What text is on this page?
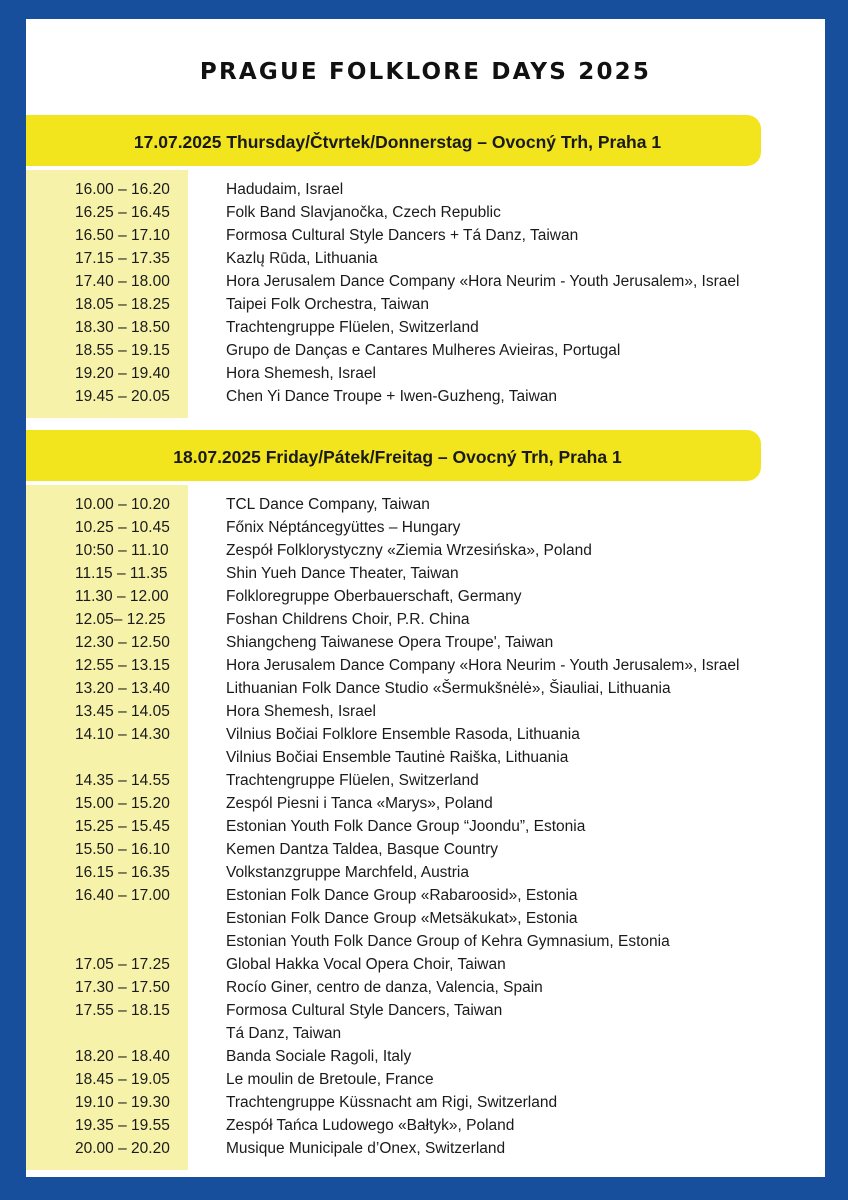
PRAGUE FOLKLORE DAYS 2025
17.07.2025 Thursday/Čtvrtek/Donnerstag – Ovocný Trh, Praha 1
16.00 – 16.20	Hadudaim, Israel
16.25 – 16.45	Folk Band Slavjanočka, Czech Republic
16.50 – 17.10	Formosa Cultural Style Dancers + Tá Danz, Taiwan
17.15 – 17.35	Kazlų Rūda, Lithuania
17.40 – 18.00	Hora Jerusalem Dance Company «Hora Neurim - Youth Jerusalem», Israel
18.05 – 18.25	Taipei Folk Orchestra, Taiwan
18.30 – 18.50	Trachtengruppe Flüelen, Switzerland
18.55 – 19.15	Grupo de Danças e Cantares Mulheres Avieiras, Portugal
19.20 – 19.40	Hora Shemesh, Israel
19.45 – 20.05	Chen Yi Dance Troupe + Iwen-Guzheng, Taiwan
18.07.2025 Friday/Pátek/Freitag – Ovocný Trh, Praha 1
10.00 – 10.20	TCL Dance Company, Taiwan
10.25 – 10.45	Főnix Néptáncegyüttes – Hungary
10:50 – 11.10	Zespół Folklorystyczny «Ziemia Wrzesińska», Poland
11.15 – 11.35	Shin Yueh Dance Theater, Taiwan
11.30 – 12.00	Folkloregruppe Oberbauerschaft, Germany
12.05– 12.25	Foshan Childrens Choir, P.R. China
12.30 – 12.50	Shiangcheng Taiwanese Opera Troupe', Taiwan
12.55 – 13.15	Hora Jerusalem Dance Company «Hora Neurim - Youth Jerusalem», Israel
13.20 – 13.40	Lithuanian Folk Dance Studio «Šermukšnėlė», Šiauliai, Lithuania
13.45 – 14.05	Hora Shemesh, Israel
14.10 – 14.30	Vilnius Bočiai Folklore Ensemble Rasoda, Lithuania
Vilnius Bočiai Ensemble Tautinė Raiška, Lithuania
14.35 – 14.55	Trachtengruppe Flüelen, Switzerland
15.00 – 15.20	Zespól Piesni i Tanca «Marys», Poland
15.25 – 15.45	Estonian Youth Folk Dance Group “Joondu”, Estonia
15.50 – 16.10	Kemen Dantza Taldea, Basque Country
16.15 – 16.35	Volkstanzgruppe Marchfeld, Austria
16.40 – 17.00	Estonian Folk Dance Group «Rabaroosid», Estonia
Estonian Folk Dance Group «Metsäkukat», Estonia
Estonian Youth Folk Dance Group of Kehra Gymnasium, Estonia
17.05 – 17.25	Global Hakka Vocal Opera Choir, Taiwan
17.30 – 17.50	Rocío Giner, centro de danza, Valencia, Spain
17.55 – 18.15	Formosa Cultural Style Dancers, Taiwan
Tá Danz, Taiwan
18.20 – 18.40	Banda Sociale Ragoli, Italy
18.45 – 19.05	Le moulin de Bretoule, France
19.10 – 19.30	Trachtengruppe Küssnacht am Rigi, Switzerland
19.35 – 19.55	Zespół Tańca Ludowego «Bałtyk», Poland
20.00 – 20.20	Musique Municipale d’Onex, Switzerland
